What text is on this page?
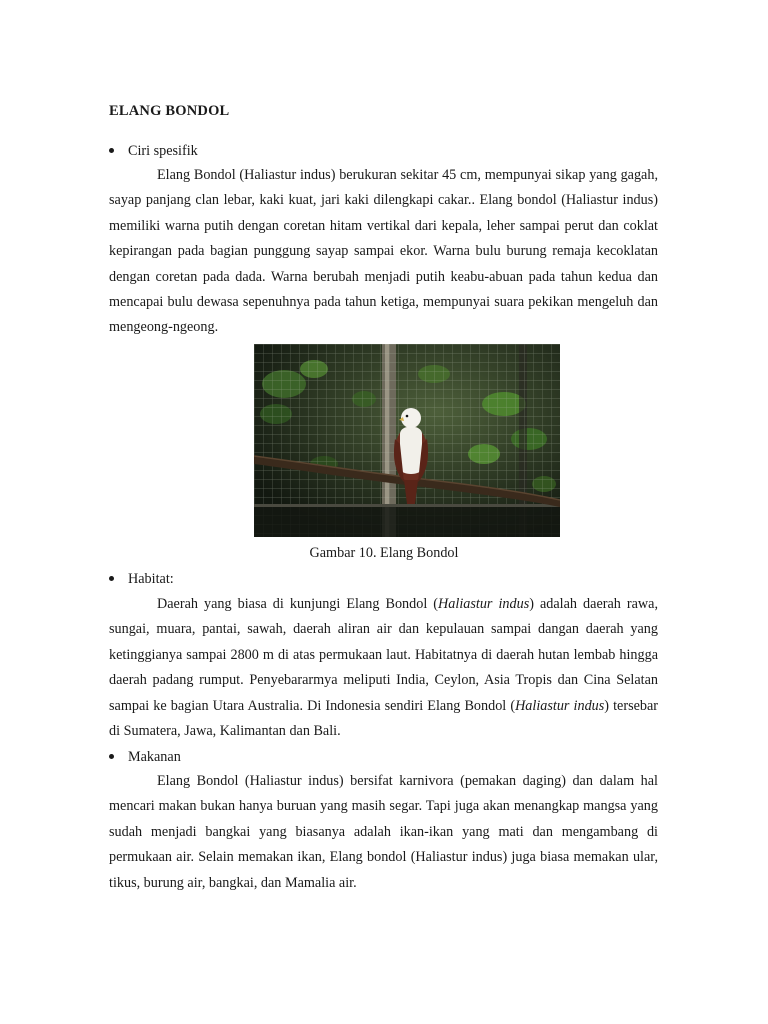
ELANG BONDOL
Ciri spesifik
Elang Bondol (Haliastur indus) berukuran sekitar 45 cm, mempunyai sikap yang gagah, sayap panjang clan lebar, kaki kuat, jari kaki dilengkapi cakar.. Elang bondol (Haliastur indus) memiliki warna putih dengan coretan hitam vertikal dari kepala, leher sampai perut dan coklat kepirangan pada bagian punggung sayap sampai ekor. Warna bulu burung remaja kecoklatan dengan coretan pada dada. Warna berubah menjadi putih keabu-abuan pada tahun kedua dan mencapai bulu dewasa sepenuhnya pada tahun ketiga, mempunyai suara pekikan mengeluh dan mengeong-ngeong.
Gambar 10. Elang Bondol
Habitat:
Daerah yang biasa di kunjungi Elang Bondol (Haliastur indus) adalah daerah rawa, sungai, muara, pantai, sawah, daerah aliran air dan kepulauan sampai dangan daerah yang ketinggianya sampai 2800 m di atas permukaan laut. Habitatnya di daerah hutan lembab hingga daerah padang rumput. Penyebararmya meliputi India, Ceylon, Asia Tropis dan Cina Selatan sampai ke bagian Utara Australia. Di Indonesia sendiri Elang Bondol (Haliastur indus) tersebar di Sumatera, Jawa, Kalimantan dan Bali.
Makanan
Elang Bondol (Haliastur indus) bersifat karnivora (pemakan daging) dan dalam hal mencari makan bukan hanya buruan yang masih segar. Tapi juga akan menangkap mangsa yang sudah menjadi bangkai yang biasanya adalah ikan-ikan yang mati dan mengambang di permukaan air. Selain memakan ikan, Elang bondol (Haliastur indus) juga biasa memakan ular, tikus, burung air, bangkai, dan Mamalia air.
